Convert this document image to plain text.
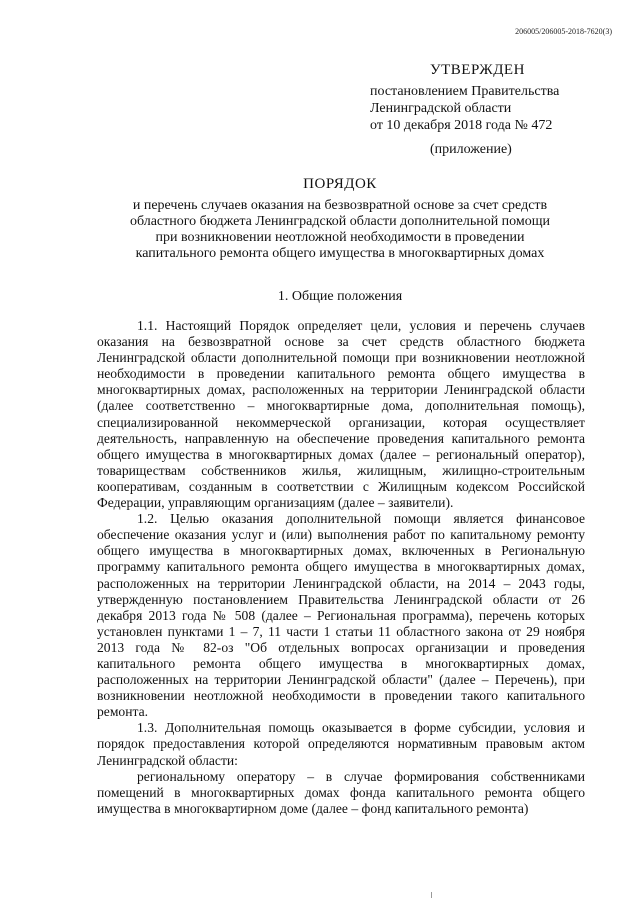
206005/206005-2018-7620(3)
УТВЕРЖДЕН
постановлением Правительства
Ленинградской области
от 10 декабря 2018 года № 472
(приложение)
ПОРЯДОК
и перечень случаев оказания на безвозвратной основе за счет средств
областного бюджета Ленинградской области дополнительной помощи
при возникновении неотложной необходимости в проведении
капитального ремонта общего имущества в многоквартирных домах
1. Общие положения

1.1. Настоящий Порядок определяет цели, условия и перечень случаев оказания на безвозвратной основе за счет средств областного бюджета Ленинградской области дополнительной помощи при возникновении неотложной необходимости в проведении капитального ремонта общего имущества в многоквартирных домах, расположенных на территории Ленинградской области (далее соответственно – многоквартирные дома, дополнительная помощь), специализированной некоммерческой организации, которая осуществляет деятельность, направленную на обеспечение проведения капитального ремонта общего имущества в многоквартирных домах (далее – региональный оператор), товариществам собственников жилья, жилищным, жилищно-строительным кооперативам, созданным в соответствии с Жилищным кодексом Российской Федерации, управляющим организациям (далее – заявители).

1.2. Целью оказания дополнительной помощи является финансовое обеспечение оказания услуг и (или) выполнения работ по капитальному ремонту общего имущества в многоквартирных домах, включенных в Региональную программу капитального ремонта общего имущества в многоквартирных домах, расположенных на территории Ленинградской области, на 2014 – 2043 годы, утвержденную постановлением Правительства Ленинградской области от 26 декабря 2013 года № 508 (далее – Региональная программа), перечень которых установлен пунктами 1 – 7, 11 части 1 статьи 11 областного закона от 29 ноября 2013 года № 82-оз "Об отдельных вопросах организации и проведения капитального ремонта общего имущества в многоквартирных домах, расположенных на территории Ленинградской области" (далее – Перечень), при возникновении неотложной необходимости в проведении такого капитального ремонта.

1.3. Дополнительная помощь оказывается в форме субсидии, условия и порядок предоставления которой определяются нормативным правовым актом Ленинградской области:

региональному оператору – в случае формирования собственниками помещений в многоквартирных домах фонда капитального ремонта общего имущества в многоквартирном доме (далее – фонд капитального ремонта)
